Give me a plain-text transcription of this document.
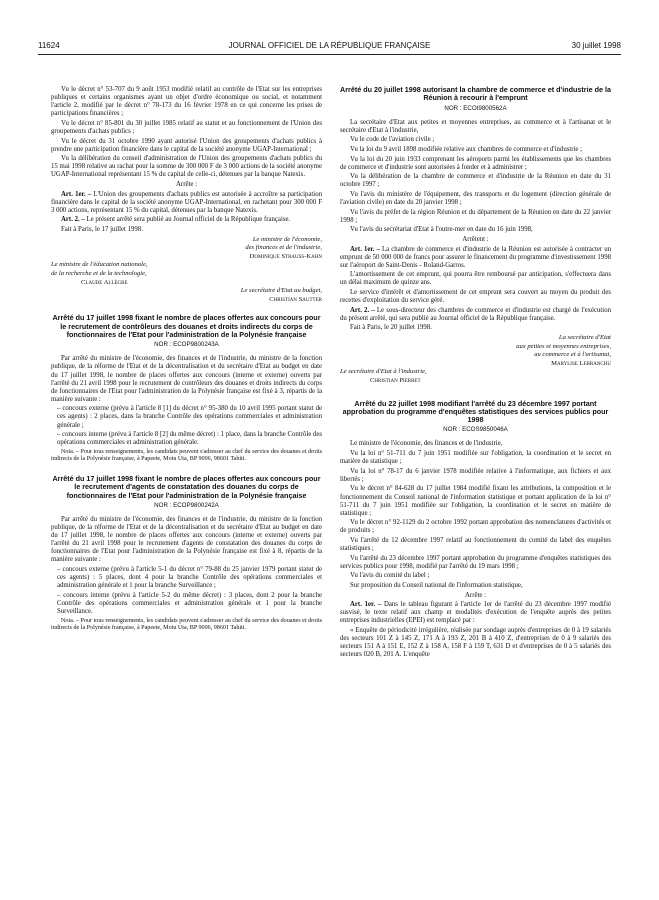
11624	JOURNAL OFFICIEL DE LA RÉPUBLIQUE FRANÇAISE	30 juillet 1998

Vu le décret n° 53-707 du 9 août 1953 modifié relatif au contrôle de l'Etat sur les entreprises publiques et certains organismes ayant un objet d'ordre économique ou social, et notamment l'article 2, modifié par le décret n° 78-173 du 16 février 1978 en ce qui concerne les prises de participations financières ;

Vu le décret n° 85-801 du 30 juillet 1985 relatif au statut et au fonctionnement de l'Union des groupements d'achats publics ;

Vu le décret du 31 octobre 1990 ayant autorisé l'Union des groupements d'achats publics à prendre une participation financière dans le capital de la société anonyme UGAP-International ;

Vu la délibération du conseil d'administration de l'Union des groupements d'achats publics du 15 mai 1998 relative au rachat pour la somme de 300 000 F de 3 000 actions de la société anonyme UGAP-International représentant 15 % du capital de celle-ci, détenues par la banque Natexis.

Arrête :

Art. 1er. – L'Union des groupements d'achats publics est autorisée à accroître sa participation financière dans le capital de la société anonyme UGAP-International, en rachetant pour 300 000 F 3 000 actions, représentant 15 % du capital, détenues par la banque Natexis.

Art. 2. – Le présent arrêté sera publié au Journal officiel de la République française.

Fait à Paris, le 17 juillet 1998.

Le ministre de l'économie,
des finances et de l'industrie,
Dominique Strauss-Kahn
Le ministre de l'éducation nationale,
de la recherche et de la technologie,
Claude Allègre
Le secrétaire d'Etat au budget,
Christian Sautter
Arrêté du 17 juillet 1998 fixant le nombre de places offertes aux concours pour le recrutement de contrôleurs des douanes et droits indirects du corps de fonctionnaires de l'Etat pour l'administration de la Polynésie française
NOR : ECOP9800243A

Par arrêté du ministre de l'économie, des finances et de l'industrie, du ministre de la fonction publique, de la réforme de l'Etat et de la décentralisation et du secrétaire d'Etat au budget en date du 17 juillet 1998, le nombre de places offertes aux concours (interne et externe) ouverts par l'arrêté du 21 avril 1998 pour le recrutement de contrôleurs des douanes et droits indirects du corps de fonctionnaires de l'Etat pour l'administration de la Polynésie française est fixé à 3, répartis de la manière suivante :

– concours externe (prévu à l'article 8 [1] du décret n° 95-380 du 10 avril 1995 portant statut de ces agents) : 2 places, dans la branche Contrôle des opérations commerciales et administration générale ;

– concours interne (prévu à l'article 8 [2] du même décret) : 1 place, dans la branche Contrôle des opérations commerciales et administration générale.

Nota. – Pour tous renseignements, les candidats peuvent s'adresser au chef du service des douanes et droits indirects de la Polynésie française, à Papeete, Motu Uta, BP 9006, 98601 Tahiti.

Arrêté du 17 juillet 1998 fixant le nombre de places offertes aux concours pour le recrutement d'agents de constatation des douanes du corps de fonctionnaires de l'Etat pour l'administration de la Polynésie française
NOR : ECOP9800242A

Par arrêté du ministre de l'économie, des finances et de l'industrie, du ministre de la fonction publique, de la réforme de l'Etat et de la décentralisation et du secrétaire d'Etat au budget en date du 17 juillet 1998, le nombre de places offertes aux concours (interne et externe) ouverts par l'arrêté du 21 avril 1998 pour le recrutement d'agents de constatation des douanes du corps de fonctionnaires de l'Etat pour l'administration de la Polynésie française est fixé à 8, répartis de la manière suivante :

– concours externe (prévu à l'article 5-1 du décret n° 79-88 du 25 janvier 1979 portant statut de ces agents) : 5 places, dont 4 pour la branche Contrôle des opérations commerciales et administration générale et 1 pour la branche Surveillance ;

– concours interne (prévu à l'article 5-2 du même décret) : 3 places, dont 2 pour la branche Contrôle des opérations commerciales et administration générale et 1 pour la branche Surveillance.

Nota. – Pour tous renseignements, les candidats peuvent s'adresser au chef du service des douanes et droits indirects de la Polynésie française, à Papeete, Motu Uta, BP 9006, 98601 Tahiti.

Arrêté du 20 juillet 1998 autorisant la chambre de commerce et d'industrie de la Réunion à recourir à l'emprunt
NOR : ECOI9800562A

La secrétaire d'Etat aux petites et moyennes entreprises, au commerce et à l'artisanat et le secrétaire d'Etat à l'industrie,

Vu le code de l'aviation civile ;

Vu la loi du 9 avril 1898 modifiée relative aux chambres de commerce et d'industrie ;

Vu la loi du 20 juin 1933 comprenant les aéroports parmi les établissements que les chambres de commerce et d'industrie sont autorisées à fonder et à administrer ;

Vu la délibération de la chambre de commerce et d'industrie de la Réunion en date du 31 octobre 1997 ;

Vu l'avis du ministère de l'équipement, des transports et du logement (direction générale de l'aviation civile) en date du 20 janvier 1998 ;

Vu l'avis du préfet de la région Réunion et du département de la Réunion en date du 22 janvier 1998 ;

Vu l'avis du secrétariat d'Etat à l'outre-mer en date du 16 juin 1998,

Arrêtent :

Art. 1er. – La chambre de commerce et d'industrie de la Réunion est autorisée à contracter un emprunt de 50 000 000 de francs pour assurer le financement du programme d'investissement 1998 sur l'aéroport de Saint-Denis - Roland-Garros.

L'amortissement de cet emprunt, qui pourra être remboursé par anticipation, s'effectuera dans un délai maximum de quinze ans.

Le service d'intérêt et d'amortissement de cet emprunt sera couvert au moyen du produit des recettes d'exploitation du service géré.

Art. 2. – Le sous-directeur des chambres de commerce et d'industrie est chargé de l'exécution du présent arrêté, qui sera publié au Journal officiel de la République française.

Fait à Paris, le 20 juillet 1998.

La secrétaire d'Etat
aux petites et moyennes entreprises,
au commerce et à l'artisanat,
Marylise Lebranchu
Le secrétaire d'Etat à l'industrie,
Christian Pierret
Arrêté du 22 juillet 1998 modifiant l'arrêté du 23 décembre 1997 portant approbation du programme d'enquêtes statistiques des services publics pour 1998
NOR : ECOS9850046A

Le ministre de l'économie, des finances et de l'industrie,

Vu la loi n° 51-711 du 7 juin 1951 modifiée sur l'obligation, la coordination et le secret en matière de statistique ;

Vu la loi n° 78-17 du 6 janvier 1978 modifiée relative à l'informatique, aux fichiers et aux libertés ;

Vu le décret n° 84-628 du 17 juillet 1984 modifié fixant les attributions, la composition et le fonctionnement du Conseil national de l'information statistique et portant application de la loi n° 51-711 du 7 juin 1951 modifiée sur l'obligation, la coordination et le secret en matière de statistique ;

Vu le décret n° 92-1129 du 2 octobre 1992 portant approbation des nomenclatures d'activités et de produits ;

Vu l'arrêté du 12 décembre 1997 relatif au fonctionnement du comité du label des enquêtes statistiques ;

Vu l'arrêté du 23 décembre 1997 portant approbation du programme d'enquêtes statistiques des services publics pour 1998, modifié par l'arrêté du 19 mars 1998 ;

Vu l'avis du comité du label ;

Sur proposition du Conseil national de l'information statistique,

Arrête :

Art. 1er. – Dans le tableau figurant à l'article 1er de l'arrêté du 23 décembre 1997 modifié susvisé, le texte relatif aux champ et modalités d'exécution de l'enquête auprès des petites entreprises industrielles (EPEI) est remplacé par :

« Enquête de périodicité irrégulière, réalisée par sondage auprès d'entreprises de 0 à 19 salariés des secteurs 101 Z à 145 Z, 171 A à 193 Z, 201 B à 410 Z, d'entreprises de 0 à 9 salariés des secteurs 151 A à 151 E, 152 Z à 158 A, 158 F à 159 T, 631 D et d'entreprises de 0 à 5 salariés des secteurs 020 B, 201 A. L'enquête
